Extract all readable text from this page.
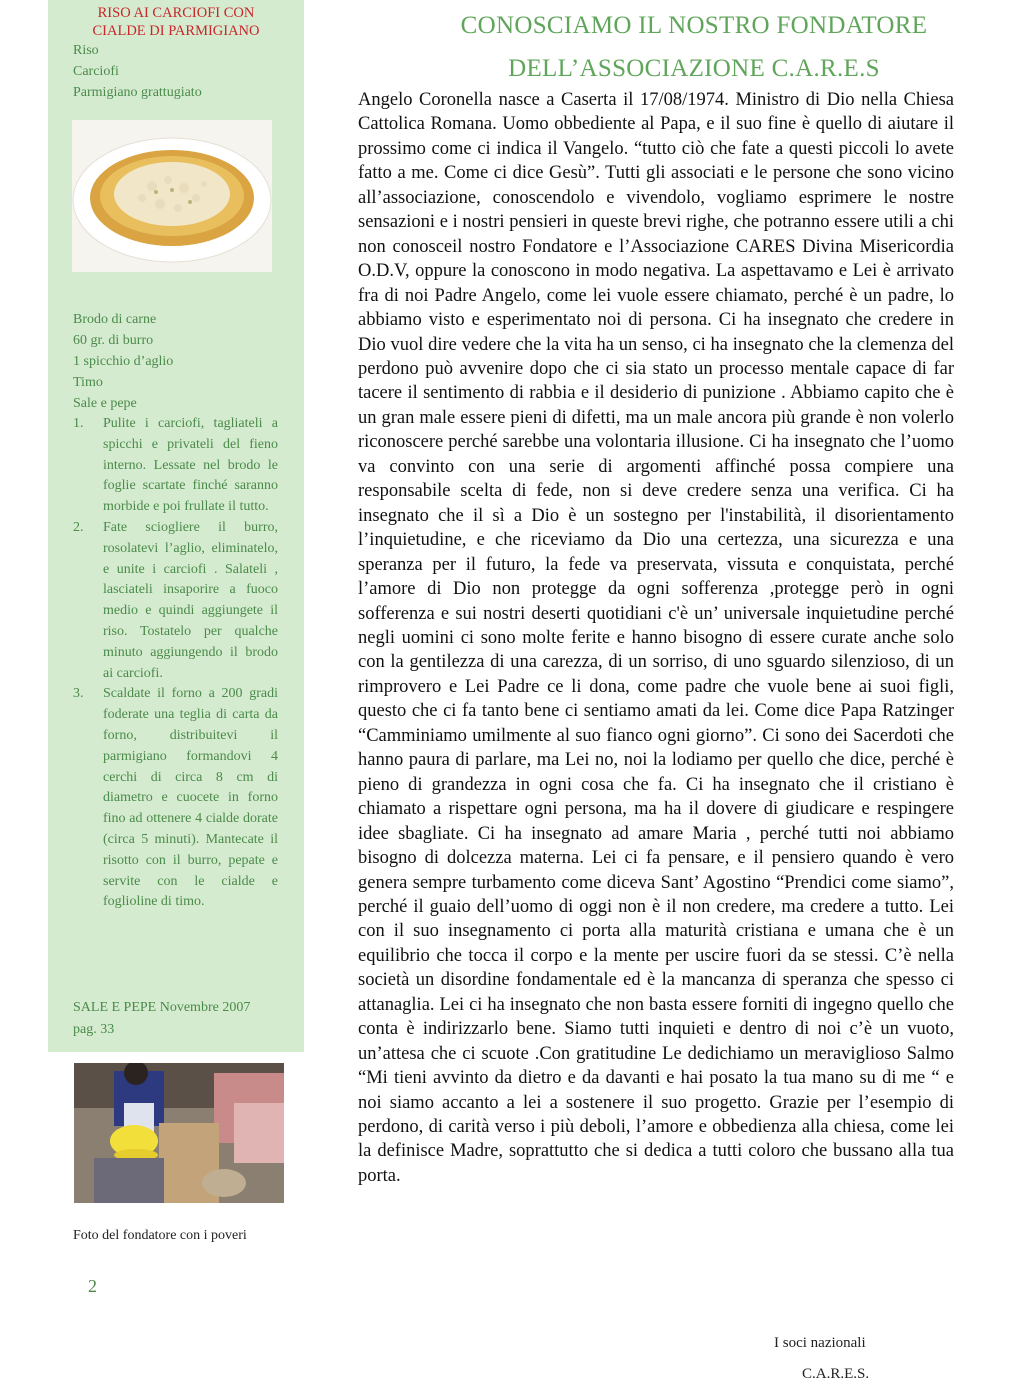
RISO AI CARCIOFI CON
CIALDE DI PARMIGIANO
Riso
Carciofi
Parmigiano grattugiato
Brodo di carne
60 gr. di burro
1 spicchio d’aglio
Timo
Sale e pepe
1.	Pulite i carciofi, tagliateli a spicchi e privateli del fieno interno. Lessate nel brodo le foglie scartate finché saranno morbide e poi frullate il tutto.
2.	Fate sciogliere il burro, rosolatevi l’aglio, eliminatelo, e unite i carciofi . Salateli , lasciateli insaporire a fuoco medio e quindi aggiungete il riso. Tostatelo per qualche minuto aggiungendo il brodo ai carciofi.
3.	Scaldate il forno a 200 gradi foderate una teglia di carta da forno, distribuitevi il parmigiano formandovi 4 cerchi di circa 8 cm di diametro e cuocete in forno fino ad ottenere 4 cialde dorate (circa 5 minuti). Mantecate il risotto con il burro, pepate e servite con le cialde e foglioline di timo.
SALE E PEPE Novembre 2007
pag. 33
Foto del fondatore con i poveri
2
CONOSCIAMO IL NOSTRO FONDATORE
DELL’ASSOCIAZIONE C.A.R.E.S
Angelo Coronella nasce a Caserta il 17/08/1974. Ministro di Dio nella Chiesa Cattolica Romana. Uomo obbediente al Papa, e il suo fine è quello di aiutare il prossimo come ci indica il Vangelo. “tutto ciò che fate a questi piccoli lo avete fatto a me. Come ci dice Gesù”. Tutti gli associati e le persone che sono vicino all’associazione, conoscendolo e vivendolo, vogliamo esprimere le nostre sensazioni e i nostri pensieri in queste brevi righe, che potranno essere utili a chi non conosceil nostro Fondatore e l’Associazione CARES Divina Misericordia O.D.V, oppure la conoscono in modo negativa. La aspettavamo e Lei è arrivato fra di noi Padre Angelo, come lei vuole essere chiamato, perché è un padre, lo abbiamo visto e esperimentato noi di persona. Ci ha insegnato che credere in Dio vuol dire vedere che la vita ha un senso, ci ha insegnato che la clemenza del perdono può avvenire dopo che ci sia stato un processo mentale capace di far tacere il sentimento di rabbia e il desiderio di punizione . Abbiamo capito che è un gran male essere pieni di difetti, ma un male ancora più grande è non volerlo riconoscere perché sarebbe una volontaria illusione. Ci ha insegnato che l’uomo va convinto con una serie di argomenti affinché possa compiere una responsabile scelta di fede, non si deve credere senza una verifica. Ci ha insegnato che il sì a Dio è un sostegno per l'instabilità, il disorientamento l’inquietudine, e che riceviamo da Dio una certezza, una sicurezza e una speranza per il futuro, la fede va preservata, vissuta e conquistata, perché l’amore di Dio non protegge da ogni sofferenza ,protegge però in ogni sofferenza e sui nostri deserti quotidiani c'è un’ universale inquietudine perché negli uomini ci sono molte ferite e hanno bisogno di essere curate anche solo con la gentilezza di una carezza, di un sorriso, di uno sguardo silenzioso, di un rimprovero e Lei Padre ce li dona, come padre che vuole bene ai suoi figli, questo che ci fa tanto bene ci sentiamo amati da lei. Come dice Papa Ratzinger “Camminiamo umilmente al suo fianco ogni giorno”. Ci sono dei Sacerdoti che hanno paura di parlare, ma Lei no, noi la lodiamo per quello che dice, perché è pieno di grandezza in ogni cosa che fa. Ci ha insegnato che il cristiano è chiamato a rispettare ogni persona, ma ha il dovere di giudicare e respingere idee sbagliate. Ci ha insegnato ad amare Maria , perché tutti noi abbiamo bisogno di dolcezza materna. Lei ci fa pensare, e il pensiero quando è vero genera sempre turbamento come diceva Sant’ Agostino “Prendici come siamo”, perché il guaio dell’uomo di oggi non è il non credere, ma credere a tutto. Lei con il suo insegnamento ci porta alla maturità cristiana e umana che è un equilibrio che tocca il corpo e la mente per uscire fuori da se stessi. C’è nella società un disordine fondamentale ed è la mancanza di speranza che spesso ci attanaglia. Lei ci ha insegnato che non basta essere forniti di ingegno quello che conta è indirizzarlo bene. Siamo tutti inquieti e dentro di noi c’è un vuoto, un’attesa che ci scuote .Con gratitudine Le dedichiamo un meraviglioso Salmo “Mi tieni avvinto da dietro e da davanti e hai posato la tua mano su di me “ e noi siamo accanto a lei a sostenere il suo progetto. Grazie per l’esempio di perdono, di carità verso i più deboli, l’amore e obbedienza alla chiesa, come lei la definisce Madre, soprattutto che si dedica a tutti coloro che bussano alla tua porta.
I soci nazionali
C.A.R.E.S.
